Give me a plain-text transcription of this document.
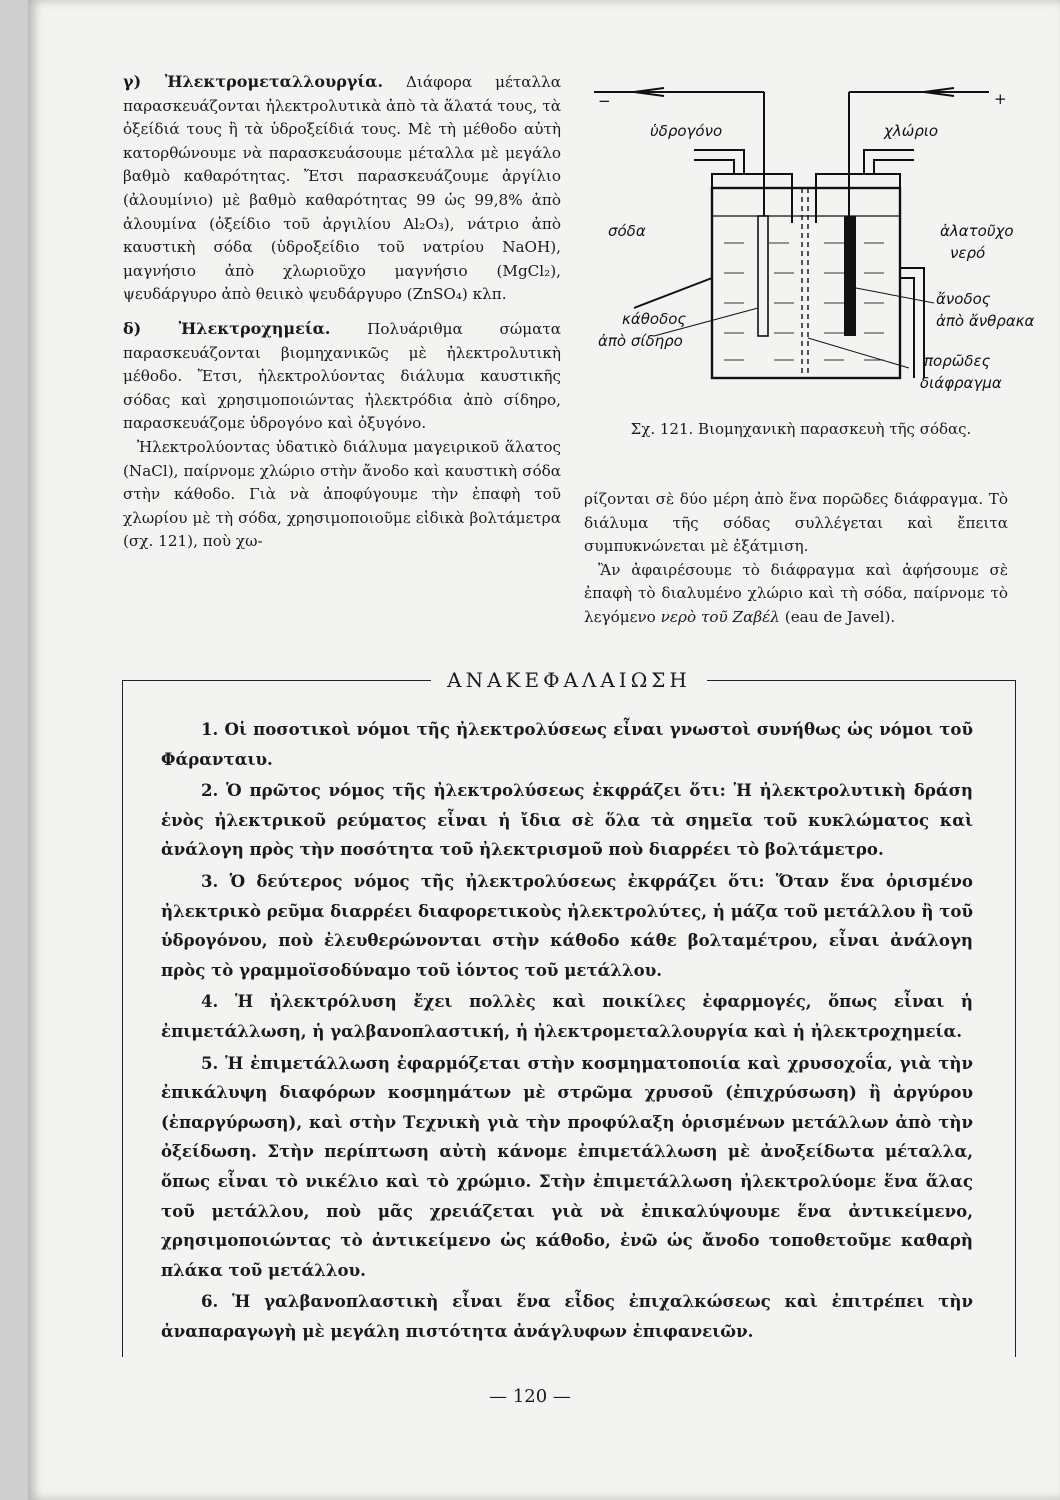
γ) Ἠλεκτρομεταλλουργία. Διάφορα μέταλλα παρασκευάζονται ἠλεκτρολυτικὰ ἀπὸ τὰ ἅλατά τους, τὰ ὀξείδιά τους ἢ τὰ ὑδροξείδιά τους. Μὲ τὴ μέθοδο αὐτὴ κατορθώνουμε νὰ παρασκευάσουμε μέταλλα μὲ μεγάλο βαθμὸ καθαρότητας. Ἔτσι παρασκευάζουμε ἀργίλιο (ἀλουμίνιο) μὲ βαθμὸ καθαρότητας 99 ὡς 99,8% ἀπὸ ἀλουμίνα (ὀξείδιο τοῦ ἀργιλίου Al₂O₃), νάτριο ἀπὸ καυστικὴ σόδα (ὑδροξείδιο τοῦ νατρίου NaOH), μαγνήσιο ἀπὸ χλωριοῦχο μαγνήσιο (MgCl₂), ψευδάργυρο ἀπὸ θειικὸ ψευδάργυρο (ZnSO₄) κλπ.

δ) Ἠλεκτροχημεία. Πολυάριθμα σώματα παρασκευάζονται βιομηχανικῶς μὲ ἠλεκτρολυτικὴ μέθοδο. Ἔτσι, ἠλεκτρολύοντας διάλυμα καυστικῆς σόδας καὶ χρησιμοποιώντας ἠλεκτρόδια ἀπὸ σίδηρο, παρασκευάζομε ὑδρογόνο καὶ ὀξυγόνο.

Ἠλεκτρολύοντας ὑδατικὸ διάλυμα μαγειρικοῦ ἅλατος (NaCl), παίρνομε χλώριο στὴν ἄνοδο καὶ καυστικὴ σόδα στὴν κάθοδο. Γιὰ νὰ ἀποφύγουμε τὴν ἐπαφὴ τοῦ χλωρίου μὲ τὴ σόδα, χρησιμοποιοῦμε εἰδικὰ βολτάμετρα (σχ. 121), ποὺ χω-

−	+
ὑδρογόνο	χλώριο
σόδα	ἁλατοῦχο
νερό
ἄνοδος
ἀπὸ ἄνθρακα
κάθοδος
ἀπὸ σίδηρο
πορῶδες
διάφραγμα
Σχ. 121. Βιομηχανικὴ παρασκευὴ τῆς σόδας.

ρίζονται σὲ δύο μέρη ἀπὸ ἕνα πορῶδες διάφραγμα. Τὸ διάλυμα τῆς σόδας συλλέγεται καὶ ἔπειτα συμπυκνώνεται μὲ ἐξάτμιση.

Ἂν ἀφαιρέσουμε τὸ διάφραγμα καὶ ἀφήσουμε σὲ ἐπαφὴ τὸ διαλυμένο χλώριο καὶ τὴ σόδα, παίρνομε τὸ λεγόμενο νερὸ τοῦ Ζαβέλ (eau de Javel).

ΑΝΑΚΕΦΑΛΑΙΩΣΗ

1. Οἱ ποσοτικοὶ νόμοι τῆς ἠλεκτρολύσεως εἶναι γνωστοὶ συνήθως ὡς νόμοι τοῦ Φάρανταιυ.

2. Ὁ πρῶτος νόμος τῆς ἠλεκτρολύσεως ἐκφράζει ὅτι: Ἡ ἠλεκτρολυτικὴ δράση ἑνὸς ἠλεκτρικοῦ ρεύματος εἶναι ἡ ἴδια σὲ ὅλα τὰ σημεῖα τοῦ κυκλώματος καὶ ἀνάλογη πρὸς τὴν ποσότητα τοῦ ἠλεκτρισμοῦ ποὺ διαρρέει τὸ βολτάμετρο.

3. Ὁ δεύτερος νόμος τῆς ἠλεκτρολύσεως ἐκφράζει ὅτι: Ὅταν ἕνα ὁρισμένο ἠλεκτρικὸ ρεῦμα διαρρέει διαφορετικοὺς ἠλεκτρολύτες, ἡ μάζα τοῦ μετάλλου ἢ τοῦ ὑδρογόνου, ποὺ ἐλευθερώνονται στὴν κάθοδο κάθε βολταμέτρου, εἶναι ἀνάλογη πρὸς τὸ γραμμοϊσοδύναμο τοῦ ἰόντος τοῦ μετάλλου.

4. Ἡ ἠλεκτρόλυση ἔχει πολλὲς καὶ ποικίλες ἐφαρμογές, ὅπως εἶναι ἡ ἐπιμετάλλωση, ἡ γαλβανοπλαστική, ἡ ἠλεκτρομεταλλουργία καὶ ἡ ἠλεκτροχημεία.

5. Ἡ ἐπιμετάλλωση ἐφαρμόζεται στὴν κοσμηματοποιία καὶ χρυσοχοΐα, γιὰ τὴν ἐπικάλυψη διαφόρων κοσμημάτων μὲ στρῶμα χρυσοῦ (ἐπιχρύσωση) ἢ ἀργύρου (ἐπαργύρωση), καὶ στὴν Τεχνικὴ γιὰ τὴν προφύλαξη ὁρισμένων μετάλλων ἀπὸ τὴν ὀξείδωση. Στὴν περίπτωση αὐτὴ κάνομε ἐπιμετάλλωση μὲ ἀνοξείδωτα μέταλλα, ὅπως εἶναι τὸ νικέλιο καὶ τὸ χρώμιο. Στὴν ἐπιμετάλλωση ἠλεκτρολύομε ἕνα ἅλας τοῦ μετάλλου, ποὺ μᾶς χρειάζεται γιὰ νὰ ἐπικαλύψουμε ἕνα ἀντικείμενο, χρησιμοποιώντας τὸ ἀντικείμενο ὡς κάθοδο, ἐνῶ ὡς ἄνοδο τοποθετοῦμε καθαρὴ πλάκα τοῦ μετάλλου.

6. Ἡ γαλβανοπλαστικὴ εἶναι ἕνα εἶδος ἐπιχαλκώσεως καὶ ἐπιτρέπει τὴν ἀναπαραγωγὴ μὲ μεγάλη πιστότητα ἀνάγλυφων ἐπιφανειῶν.

— 120 —
